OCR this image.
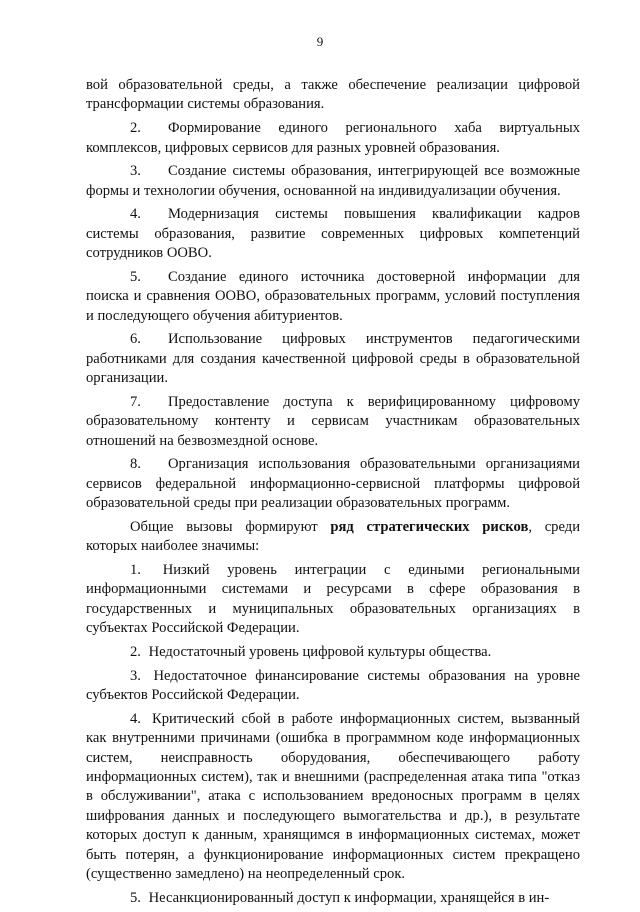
9

вой образовательной среды, а также обеспечение реализации цифровой трансформации системы образования.

2. Формирование единого регионального хаба виртуальных комплексов, цифровых сервисов для разных уровней образования.

3. Создание системы образования, интегрирующей все возможные формы и технологии обучения, основанной на индивидуализации обучения.

4. Модернизация системы повышения квалификации кадров системы образования, развитие современных цифровых компетенций сотрудников ООВО.

5. Создание единого источника достоверной информации для поиска и сравнения ООВО, образовательных программ, условий поступления и последующего обучения абитуриентов.

6. Использование цифровых инструментов педагогическими работниками для создания качественной цифровой среды в образовательной организации.

7. Предоставление доступа к верифицированному цифровому образовательному контенту и сервисам участникам образовательных отношений на безвозмездной основе.

8. Организация использования образовательными организациями сервисов федеральной информационно-сервисной платформы цифровой образовательной среды при реализации образовательных программ.

Общие вызовы формируют ряд стратегических рисков, среди которых наиболее значимы:

1. Низкий уровень интеграции с едиными региональными информационными системами и ресурсами в сфере образования в государственных и муниципальных образовательных организациях в субъектах Российской Федерации.

2. Недостаточный уровень цифровой культуры общества.

3. Недостаточное финансирование системы образования на уровне субъектов Российской Федерации.

4. Критический сбой в работе информационных систем, вызванный как внутренними причинами (ошибка в программном коде информационных систем, неисправность оборудования, обеспечивающего работу информационных систем), так и внешними (распределенная атака типа "отказ в обслуживании", атака с использованием вредоносных программ в целях шифрования данных и последующего вымогательства и др.), в результате которых доступ к данным, хранящимся в информационных системах, может быть потерян, а функционирование информационных систем прекращено (существенно замедлено) на неопределенный срок.

5. Несанкционированный доступ к информации, хранящейся в ин-
